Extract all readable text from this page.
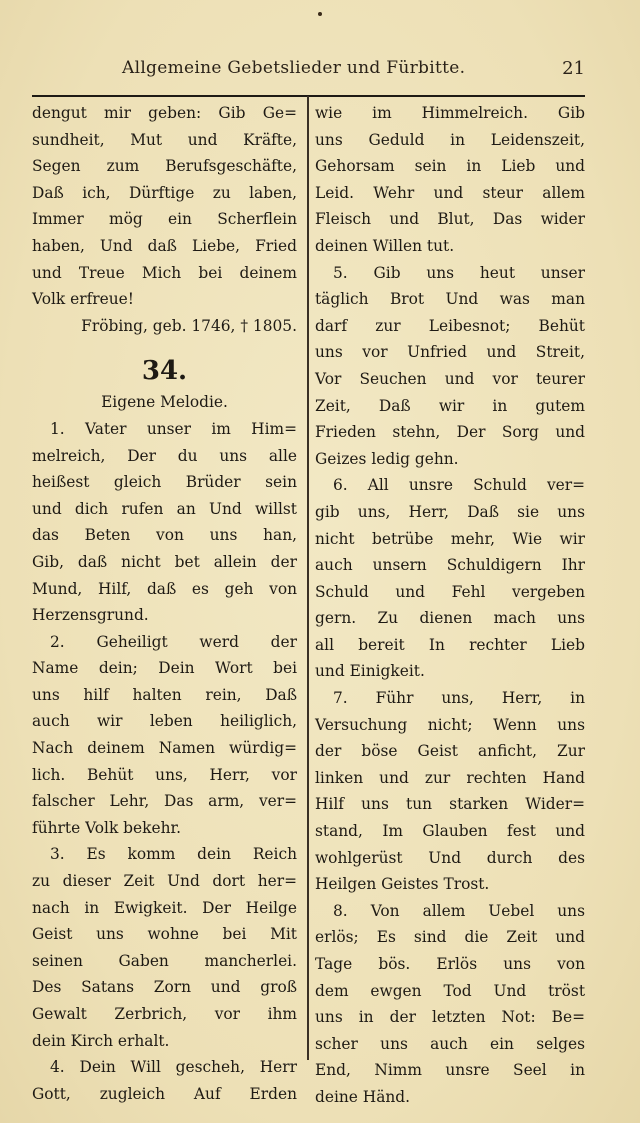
Allgemeine Gebetslieder und Fürbitte.	21
dengut mir geben: Gib Ge=
sundheit, Mut und Kräfte,
Segen zum Berufsgeschäfte,
Daß ich, Dürftige zu laben,
Immer mög ein Scherflein
haben, Und daß Liebe, Fried
und Treue Mich bei deinem
Volk erfreue!
Fröbing, geb. 1746, † 1805.
34.
Eigene Melodie.
1. Vater unser im Him=
melreich, Der du uns alle
heißest gleich Brüder sein
und dich rufen an Und willst
das Beten von uns han,
Gib, daß nicht bet allein der
Mund, Hilf, daß es geh von
Herzensgrund.
2. Geheiligt werd der
Name dein; Dein Wort bei
uns hilf halten rein, Daß
auch wir leben heiliglich,
Nach deinem Namen würdig=
lich. Behüt uns, Herr, vor
falscher Lehr, Das arm, ver=
führte Volk bekehr.
3. Es komm dein Reich
zu dieser Zeit Und dort her=
nach in Ewigkeit. Der Heilge
Geist uns wohne bei Mit
seinen Gaben mancherlei.
Des Satans Zorn und groß
Gewalt Zerbrich, vor ihm
dein Kirch erhalt.
4. Dein Will gescheh, Herr
Gott, zugleich Auf Erden
wie im Himmelreich. Gib
uns Geduld in Leidenszeit,
Gehorsam sein in Lieb und
Leid. Wehr und steur allem
Fleisch und Blut, Das wider
deinen Willen tut.
5. Gib uns heut unser
täglich Brot Und was man
darf zur Leibesnot; Behüt
uns vor Unfried und Streit,
Vor Seuchen und vor teurer
Zeit, Daß wir in gutem
Frieden stehn, Der Sorg und
Geizes ledig gehn.
6. All unsre Schuld ver=
gib uns, Herr, Daß sie uns
nicht betrübe mehr, Wie wir
auch unsern Schuldigern Ihr
Schuld und Fehl vergeben
gern. Zu dienen mach uns
all bereit In rechter Lieb
und Einigkeit.
7. Führ uns, Herr, in
Versuchung nicht; Wenn uns
der böse Geist anficht, Zur
linken und zur rechten Hand
Hilf uns tun starken Wider=
stand, Im Glauben fest und
wohlgerüst Und durch des
Heilgen Geistes Trost.
8. Von allem Uebel uns
erlös; Es sind die Zeit und
Tage bös. Erlös uns von
dem ewgen Tod Und tröst
uns in der letzten Not: Be=
scher uns auch ein selges
End, Nimm unsre Seel in
deine Händ.
